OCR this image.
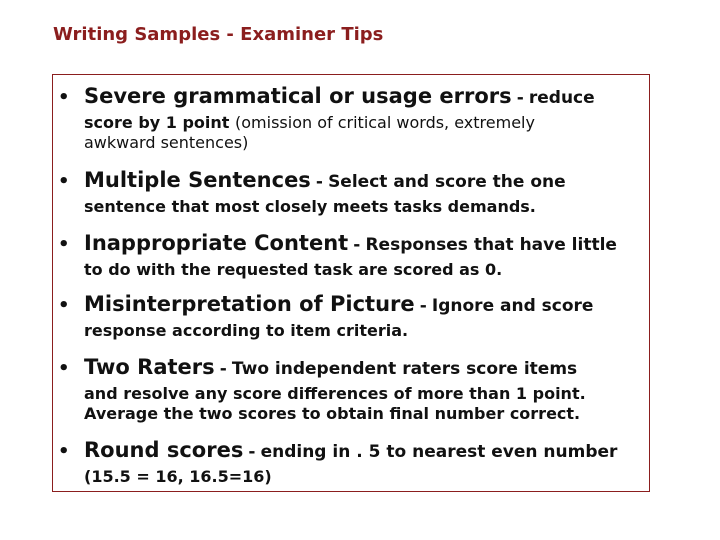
Writing Samples - Examiner Tips
• Severe grammatical or usage errors - reduce
score by 1 point (omission of critical words, extremely awkward sentences)
• Multiple Sentences - Select and score the one
sentence that most closely meets tasks demands.
• Inappropriate Content - Responses that have little
to do with the requested task are scored as 0.
• Misinterpretation of Picture - Ignore and score
response according to item criteria.
• Two Raters - Two independent raters score items
and resolve any score differences of more than 1 point. Average the two scores to obtain final number correct.
• Round scores - ending in . 5 to nearest even number
(15.5 = 16, 16.5=16)
